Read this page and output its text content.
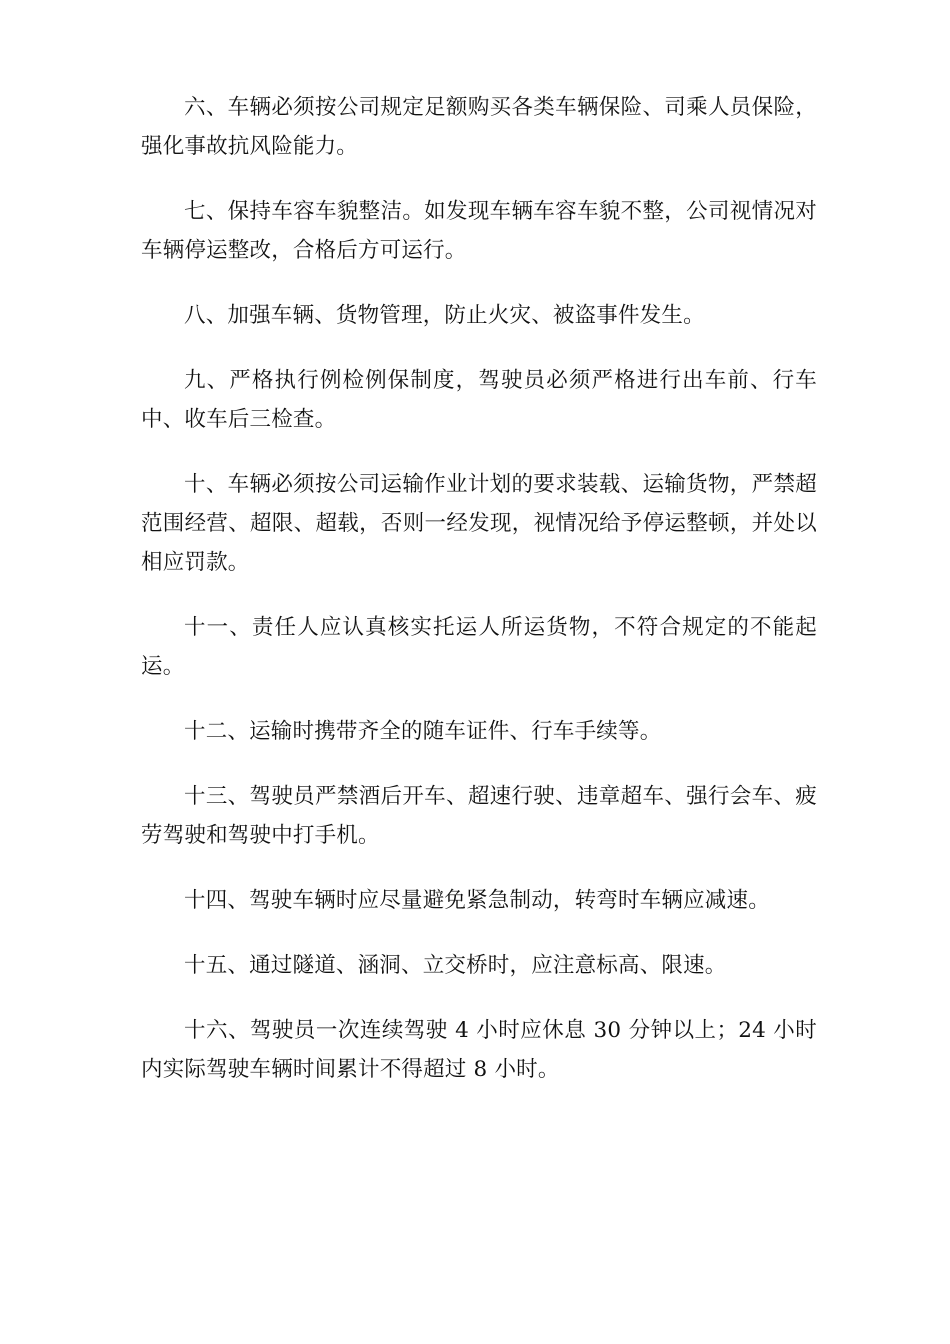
六、车辆必须按公司规定足额购买各类车辆保险、司乘人员保险，强化事故抗风险能力。

七、保持车容车貌整洁。如发现车辆车容车貌不整，公司视情况对车辆停运整改，合格后方可运行。

八、加强车辆、货物管理，防止火灾、被盗事件发生。

九、严格执行例检例保制度，驾驶员必须严格进行出车前、行车中、收车后三检查。

十、车辆必须按公司运输作业计划的要求装载、运输货物，严禁超范围经营、超限、超载，否则一经发现，视情况给予停运整顿，并处以相应罚款。

十一、责任人应认真核实托运人所运货物，不符合规定的不能起运。

十二、运输时携带齐全的随车证件、行车手续等。

十三、驾驶员严禁酒后开车、超速行驶、违章超车、强行会车、疲劳驾驶和驾驶中打手机。

十四、驾驶车辆时应尽量避免紧急制动，转弯时车辆应减速。

十五、通过隧道、涵洞、立交桥时，应注意标高、限速。

十六、驾驶员一次连续驾驶 4 小时应休息 30 分钟以上；24 小时内实际驾驶车辆时间累计不得超过 8 小时。
